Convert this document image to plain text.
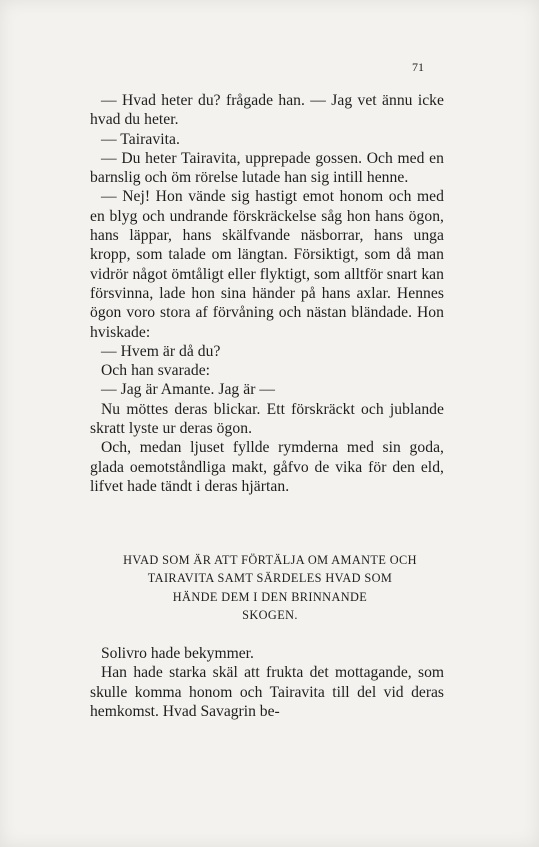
71

— Hvad heter du? frågade han. — Jag vet ännu icke hvad du heter.

— Tairavita.

— Du heter Tairavita, upprepade gossen. Och med en barnslig och öm rörelse lutade han sig intill henne.

— Nej! Hon vände sig hastigt emot honom och med en blyg och undrande förskräckelse såg hon hans ögon, hans läppar, hans skälfvande näsborrar, hans unga kropp, som talade om längtan. Försiktigt, som då man vidrör något ömtåligt eller flyktigt, som alltför snart kan försvinna, lade hon sina händer på hans axlar. Hennes ögon voro stora af förvåning och nästan bländade. Hon hviskade:

— Hvem är då du?

Och han svarade:

— Jag är Amante. Jag är —

Nu möttes deras blickar. Ett förskräckt och jublande skratt lyste ur deras ögon.

Och, medan ljuset fyllde rymderna med sin goda, glada oemotståndliga makt, gåfvo de vika för den eld, lifvet hade tändt i deras hjärtan.

HVAD SOM ÄR ATT FÖRTÄLJA OM AMANTE OCH
TAIRAVITA SAMT SÄRDELES HVAD SOM
HÄNDE DEM I DEN BRINNANDE
SKOGEN.

Solivro hade bekymmer.

Han hade starka skäl att frukta det mottagande, som skulle komma honom och Tairavita till del vid deras hemkomst. Hvad Savagrin be-
